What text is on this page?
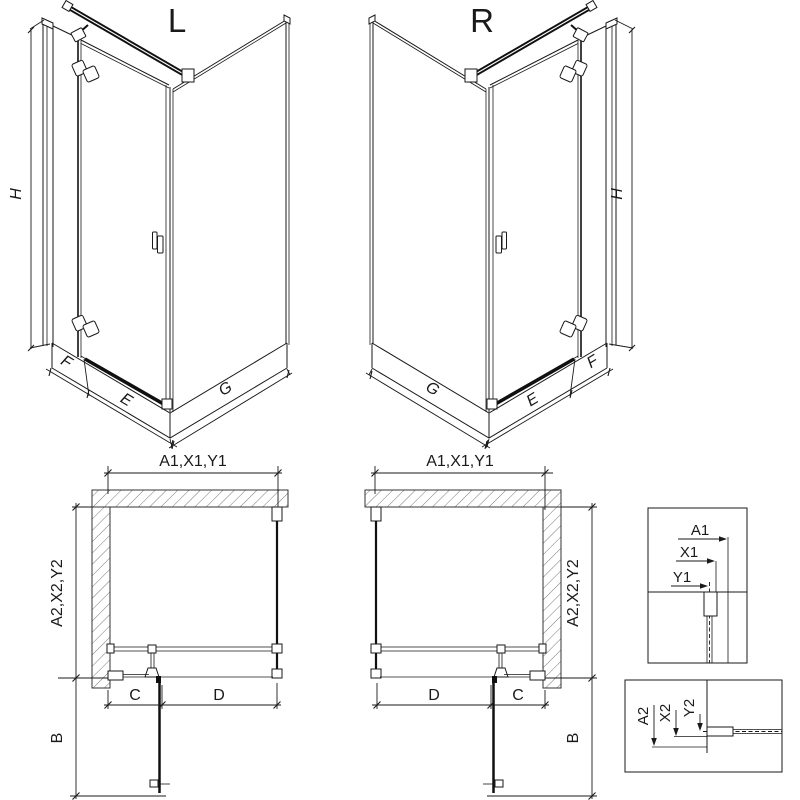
L
H
F
E
G
R
H
G
E
F
A1,X1,Y1
A2,X2,Y2
B
C	D
A1,X1,Y1
A2,X2,Y2
B
D	C
A1
X1
Y1
A2 X2 Y2
